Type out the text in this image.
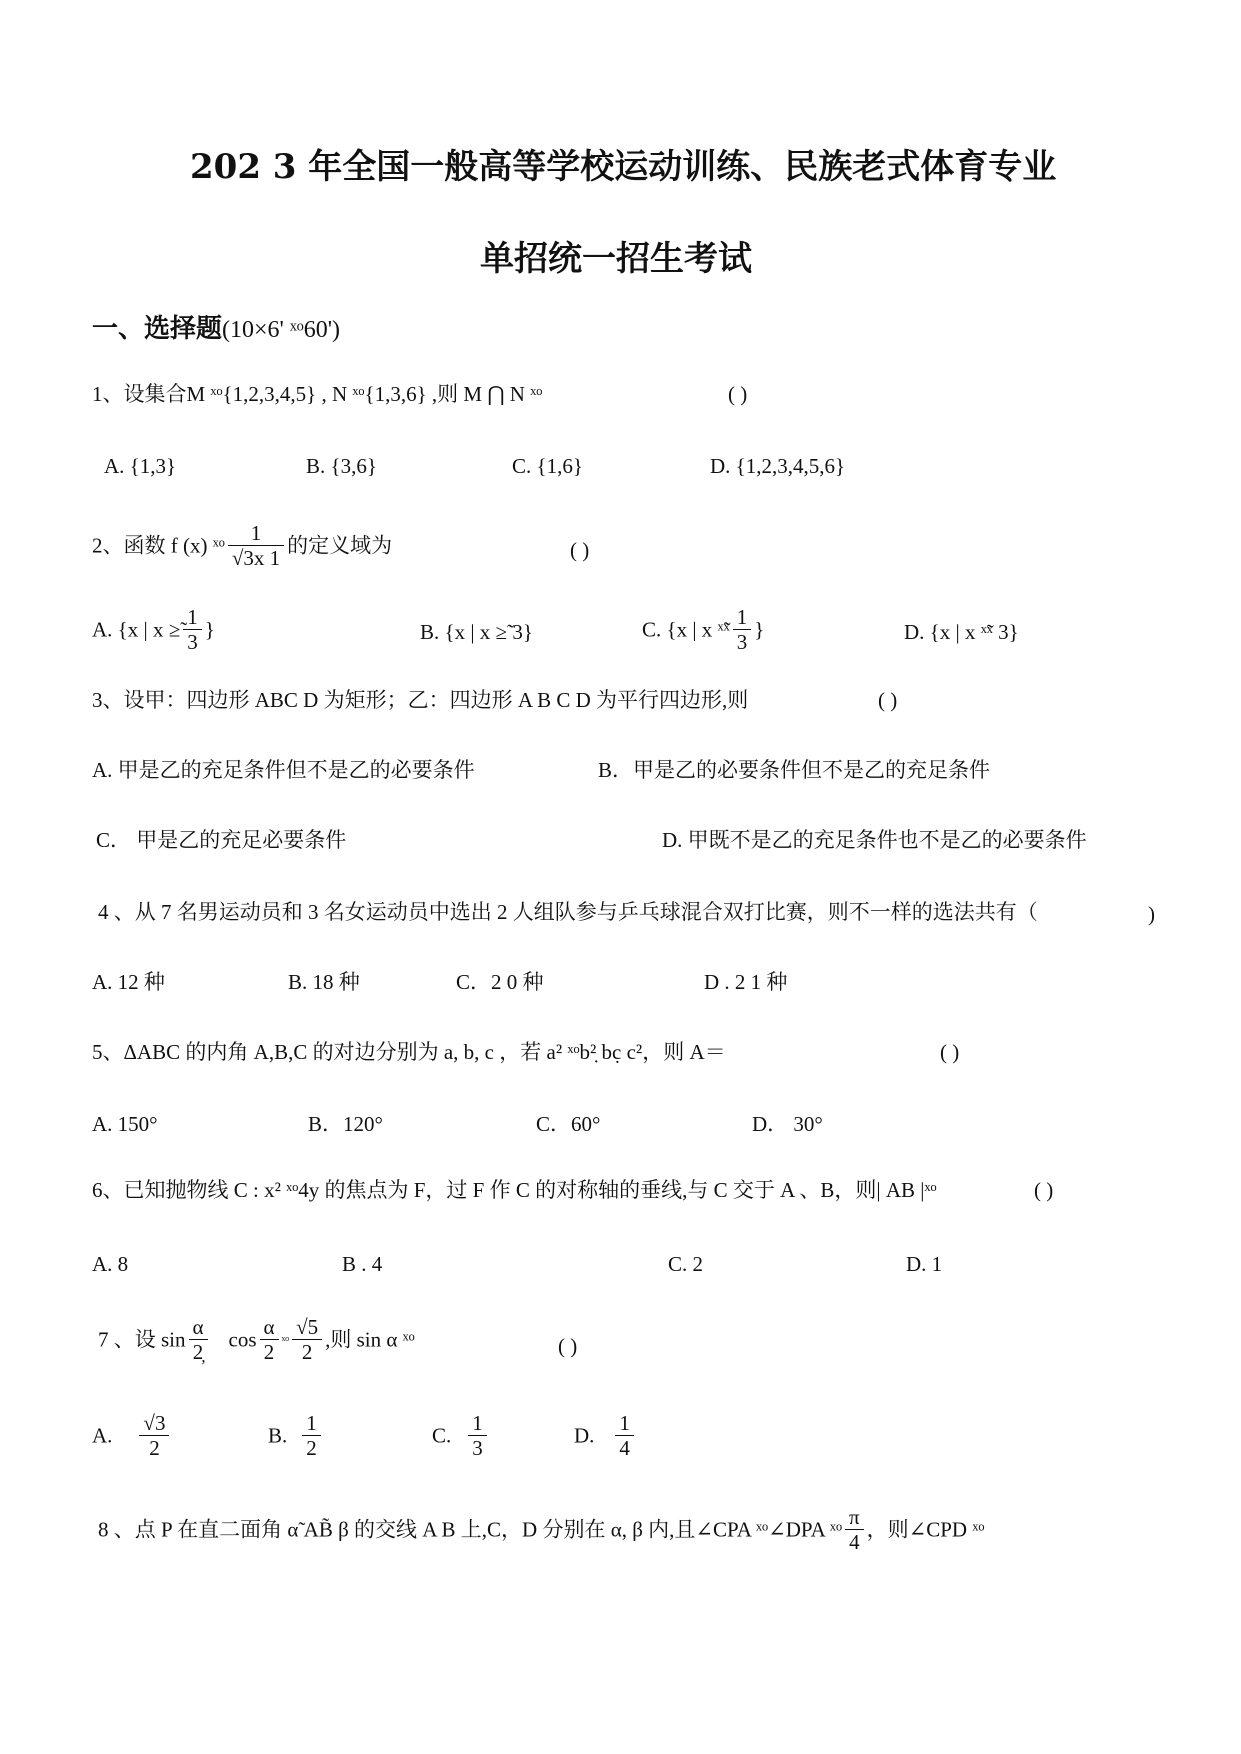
202 3 年全国一般高等学校运动训练、民族老式体育专业
单招统一招生考试
一、选择题(10×6' ˣᵒ60')
1、设集合M ˣᵒ{1,2,3,4,5} , N ˣᵒ{1,3,6} ,则 M ⋂ N ˣᵒ	( )
A. {1,3}	B. {3,6}	C. {1,6}	D. {1,2,3,4,5,6}
2、函数 f (x) ˣᵒ $\frac{1}{√3x 1}$ 的定义域为	( )
A. {x | x ≥̃ $\frac{1}{3}$ }	B. {x | x ≥̃ 3}	C. {x | x ˣ̃ˣ $\frac{1}{3}$ }	D. {x | x ˣ̃ˣ 3}
3、设甲：四边形 ABC D 为矩形；乙：四边形 A B C D 为平行四边形,则	( )
A. 甲是乙的充足条件但不是乙的必要条件	B．甲是乙的必要条件但不是乙的充足条件
C． 甲是乙的充足必要条件	D. 甲既不是乙的充足条件也不是乙的必要条件
4 、从 7 名男运动员和 3 名女运动员中选出 2 人组队参与乒乓球混合双打比赛，则不一样的选法共有（	)
A. 12 种	B. 18 种	C．2 0 种	D . 2 1 种
5、ΔABC 的内角 A,B,C 的对边分别为 a, b, c ，若 a² ˣᵒb²̣ bc̣ c²，则 A＝	( )
A. 150°	B．120°	C．60°	D． 30°
6、已知抛物线 C : x² ˣᵒ4y 的焦点为 F，过 F 作 C 的对称轴的垂线,与 C 交于 A 、B，则| AB |ˣᵒ	( )
A. 8	B . 4	C. 2	D. 1
7 、设 $\sin \frac{\alpha}{2̦}$ $\cos \frac{\alpha}{2}$ ˣᵒ $\frac{√5}{2}$ ,则 sin α ˣᵒ	( )
A. $\frac{√3}{2}$	B. $\frac{1}{2}$	C. $\frac{1}{3}$	D. $\frac{1}{4}$
8 、点 P 在直二面角 α̃ AB̃ β 的交线 A B 上,C，D 分别在 α, β 内,且∠CPA ˣᵒ∠DPA ˣᵒ $\frac{\pi}{4}$ ，则∠CPD ˣᵒ
